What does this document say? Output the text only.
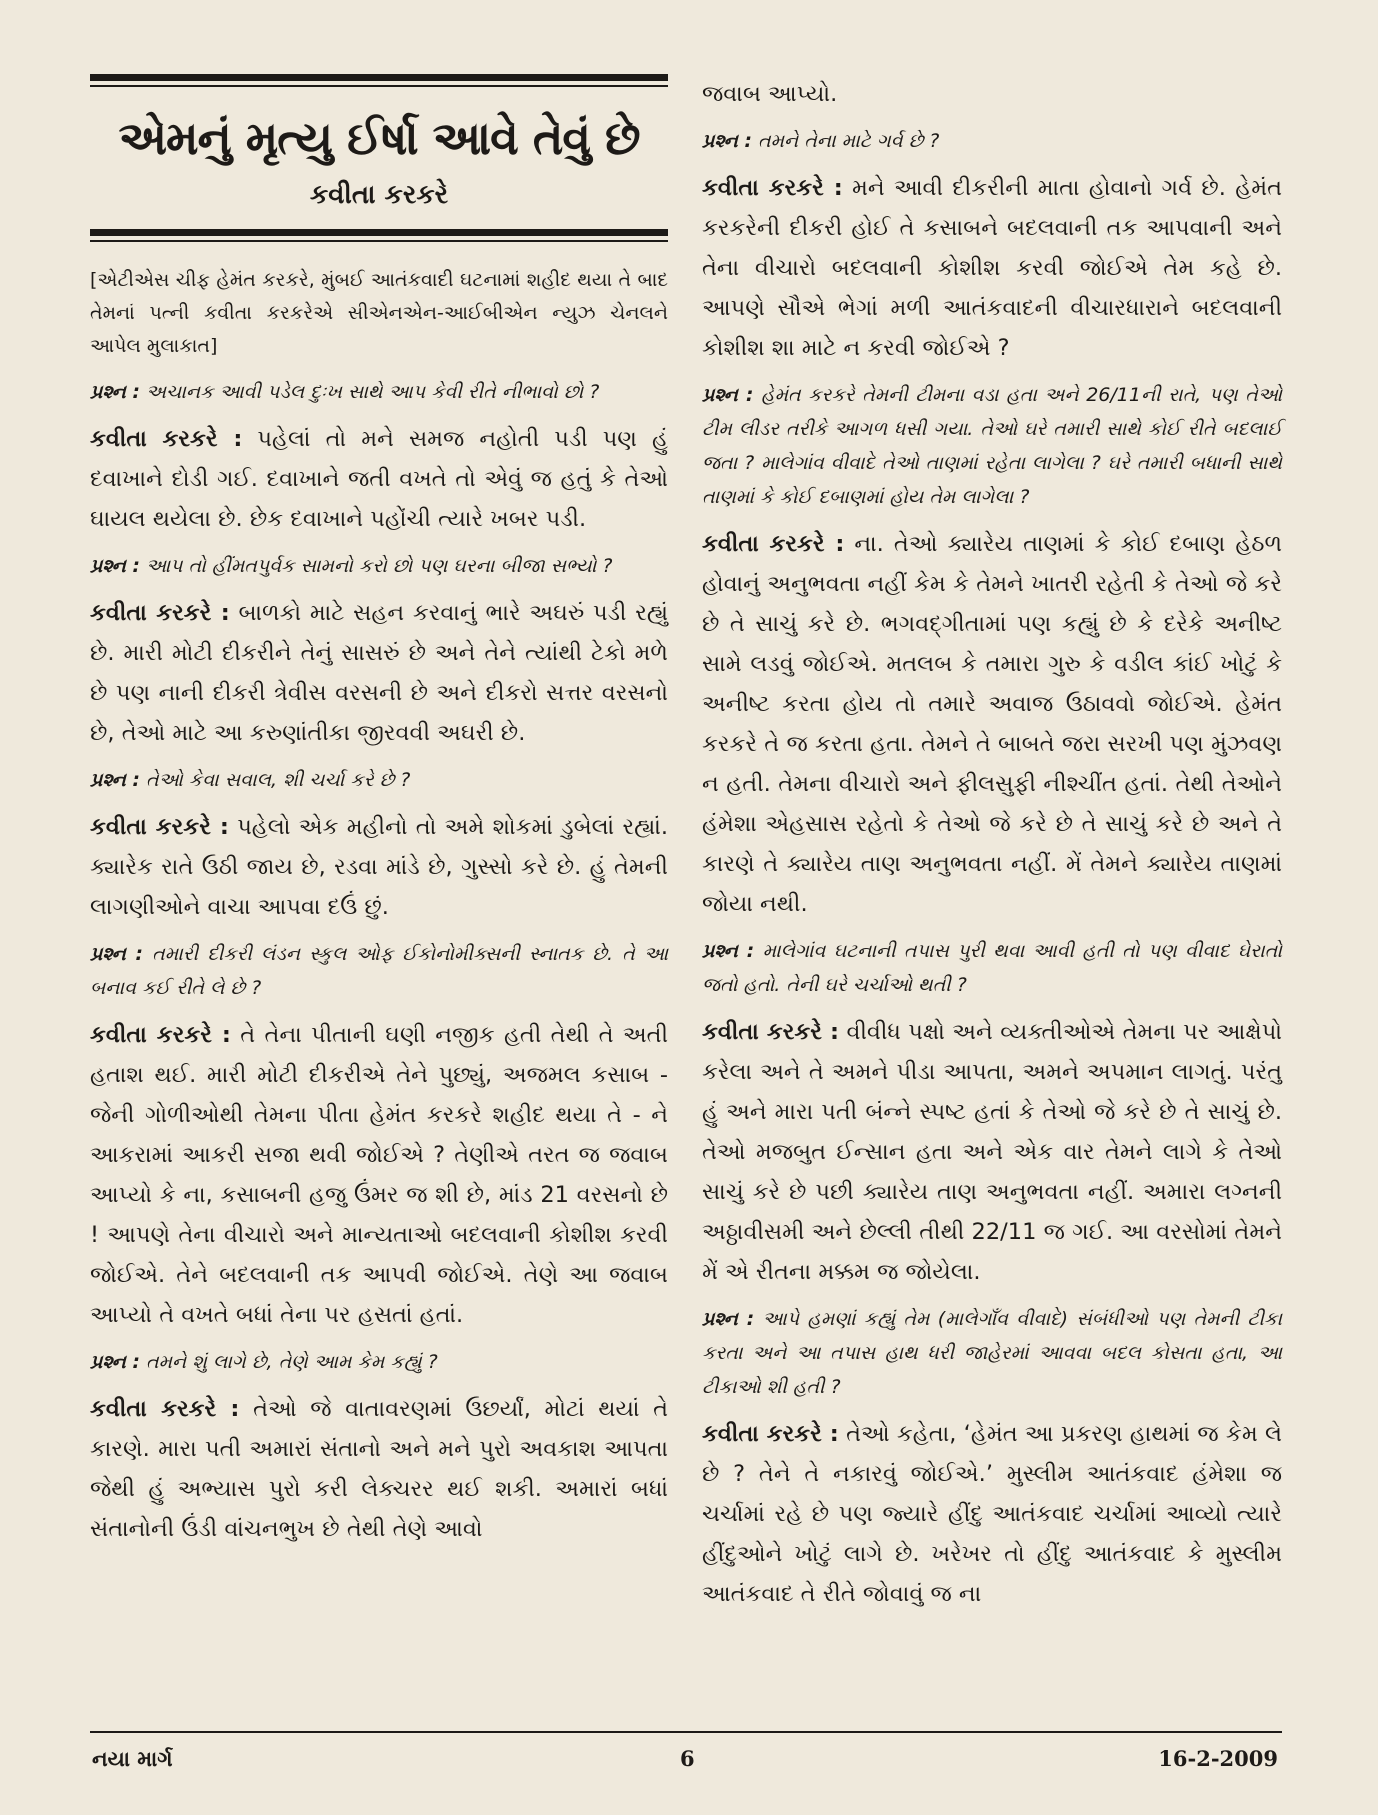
એમનું મૃત્યુ ઈર્ષા આવે તેવું છે
કવીતા કરકરે
[એટીએસ ચીફ હેમંત કરકરે, મુંબઈ આતંકવાદી ઘટનામાં શહીદ થયા તે બાદ તેમનાં પત્ની કવીતા કરકરેએ સીએનએન-આઈબીએન ન્યુઝ ચેનલને આપેલ મુલાકાત]
પ્રશ્ન : અચાનક આવી પડેલ દુઃખ સાથે આપ કેવી રીતે નીભાવો છો ?
કવીતા કરકરે : પહેલાં તો મને સમજ નહોતી પડી પણ હું દવાખાને દોડી ગઈ. દવાખાને જતી વખતે તો એવું જ હતું કે તેઓ ઘાયલ થયેલા છે. છેક દવાખાને પહોંચી ત્યારે ખબર પડી.
પ્રશ્ન : આપ તો હીંમતપુર્વક સામનો કરો છો પણ ઘરના બીજા સભ્યો ?
કવીતા કરકરે : બાળકો માટે સહન કરવાનું ભારે અઘરું પડી રહ્યું છે. મારી મોટી દીકરીને તેનું સાસરું છે અને તેને ત્યાંથી ટેકો મળે છે પણ નાની દીકરી ત્રેવીસ વરસની છે અને દીકરો સત્તર વરસનો છે, તેઓ માટે આ કરુણાંતીકા જીરવવી અઘરી છે.
પ્રશ્ન : તેઓ કેવા સવાલ, શી ચર્ચા કરે છે ?
કવીતા કરકરે : પહેલો એક મહીનો તો અમે શોકમાં ડુબેલાં રહ્યાં. ક્યારેક રાતે ઉઠી જાય છે, રડવા માંડે છે, ગુસ્સો કરે છે. હું તેમની લાગણીઓને વાચા આપવા દઉં છું.
પ્રશ્ન : તમારી દીકરી લંડન સ્કુલ ઓફ ઈકોનોમીક્સની સ્નાતક છે. તે આ બનાવ કઈ રીતે લે છે ?
કવીતા કરકરે : તે તેના પીતાની ઘણી નજીક હતી તેથી તે અતી હતાશ થઈ. મારી મોટી દીકરીએ તેને પુછ્યું, અજમલ કસાબ - જેની ગોળીઓથી તેમના પીતા હેમંત કરકરે શહીદ થયા તે - ને આકરામાં આકરી સજા થવી જોઈએ ? તેણીએ તરત જ જવાબ આપ્યો કે ના, કસાબની હજુ ઉંમર જ શી છે, માંડ 21 વરસનો છે ! આપણે તેના વીચારો અને માન્યતાઓ બદલવાની કોશીશ કરવી જોઈએ. તેને બદલવાની તક આપવી જોઈએ. તેણે આ જવાબ આપ્યો તે વખતે બધાં તેના પર હસતાં હતાં.
પ્રશ્ન : તમને શું લાગે છે, તેણે આમ કેમ કહ્યું ?
કવીતા કરકરે : તેઓ જે વાતાવરણમાં ઉછર્યાં, મોટાં થયાં તે કારણે. મારા પતી અમારાં સંતાનો અને મને પુરો અવકાશ આપતા જેથી હું અભ્યાસ પુરો કરી લેક્ચરર થઈ શકી. અમારાં બધાં સંતાનોની ઉંડી વાંચનભુખ છે તેથી તેણે આવો
જવાબ આપ્યો.
પ્રશ્ન : તમને તેના માટે ગર્વ છે ?
કવીતા કરકરે : મને આવી દીકરીની માતા હોવાનો ગર્વ છે. હેમંત કરકરેની દીકરી હોઈ તે કસાબને બદલવાની તક આપવાની અને તેના વીચારો બદલવાની કોશીશ કરવી જોઈએ તેમ કહે છે. આપણે સૌએ ભેગાં મળી આતંકવાદની વીચારધારાને બદલવાની કોશીશ શા માટે ન કરવી જોઈએ ?
પ્રશ્ન : હેમંત કરકરે તેમની ટીમના વડા હતા અને 26/11ની રાતે, પણ તેઓ ટીમ લીડર તરીકે આગળ ધસી ગયા. તેઓ ઘરે તમારી સાથે કોઈ રીતે બદલાઈ જતા ? માલેગાંવ વીવાદે તેઓ તાણમાં રહેતા લાગેલા ? ઘરે તમારી બધાની સાથે તાણમાં કે કોઈ દબાણમાં હોય તેમ લાગેલા ?
કવીતા કરકરે : ના. તેઓ ક્યારેય તાણમાં કે કોઈ દબાણ હેઠળ હોવાનું અનુભવતા નહીં કેમ કે તેમને ખાતરી રહેતી કે તેઓ જે કરે છે તે સાચું કરે છે. ભગવદ્ગીતામાં પણ કહ્યું છે કે દરેકે અનીષ્ટ સામે લડવું જોઈએ. મતલબ કે તમારા ગુરુ કે વડીલ કાંઈ ખોટું કે અનીષ્ટ કરતા હોય તો તમારે અવાજ ઉઠાવવો જોઈએ. હેમંત કરકરે તે જ કરતા હતા. તેમને તે બાબતે જરા સરખી પણ મુંઝવણ ન હતી. તેમના વીચારો અને ફીલસુફી નીશ્ચીંત હતાં. તેથી તેઓને હંમેશા એહસાસ રહેતો કે તેઓ જે કરે છે તે સાચું કરે છે અને તે કારણે તે ક્યારેય તાણ અનુભવતા નહીં. મેં તેમને ક્યારેય તાણમાં જોયા નથી.
પ્રશ્ન : માલેગાંવ ઘટનાની તપાસ પુરી થવા આવી હતી તો પણ વીવાદ ઘેરાતો જતો હતો. તેની ઘરે ચર્ચાઓ થતી ?
કવીતા કરકરે : વીવીધ પક્ષો અને વ્યક્તીઓએ તેમના પર આક્ષેપો કરેલા અને તે અમને પીડા આપતા, અમને અપમાન લાગતું. પરંતુ હું અને મારા પતી બંન્ને સ્પષ્ટ હતાં કે તેઓ જે કરે છે તે સાચું છે. તેઓ મજબુત ઈન્સાન હતા અને એક વાર તેમને લાગે કે તેઓ સાચું કરે છે પછી ક્યારેય તાણ અનુભવતા નહીં. અમારા લગ્નની અઠ્ઠાવીસમી અને છેલ્લી તીથી 22/11 જ ગઈ. આ વરસોમાં તેમને મેં એ રીતના મક્કમ જ જોયેલા.
પ્રશ્ન : આપે હમણાં કહ્યું તેમ (માલેગાઁવ વીવાદે) સંબંધીઓ પણ તેમની ટીકા કરતા અને આ તપાસ હાથ ધરી જાહેરમાં આવવા બદલ કોસતા હતા, આ ટીકાઓ શી હતી ?
કવીતા કરકરે : તેઓ કહેતા, ‘હેમંત આ પ્રકરણ હાથમાં જ કેમ લે છે ? તેને તે નકારવું જોઈએ.’ મુસ્લીમ આતંકવાદ હંમેશા જ ચર્ચામાં રહે છે પણ જ્યારે હીંદુ આતંકવાદ ચર્ચામાં આવ્યો ત્યારે હીંદુઓને ખોટું લાગે છે. ખરેખર તો હીંદુ આતંકવાદ કે મુસ્લીમ આતંકવાદ તે રીતે જોવાવું જ ના
નયા માર્ગ	6	16-2-2009
